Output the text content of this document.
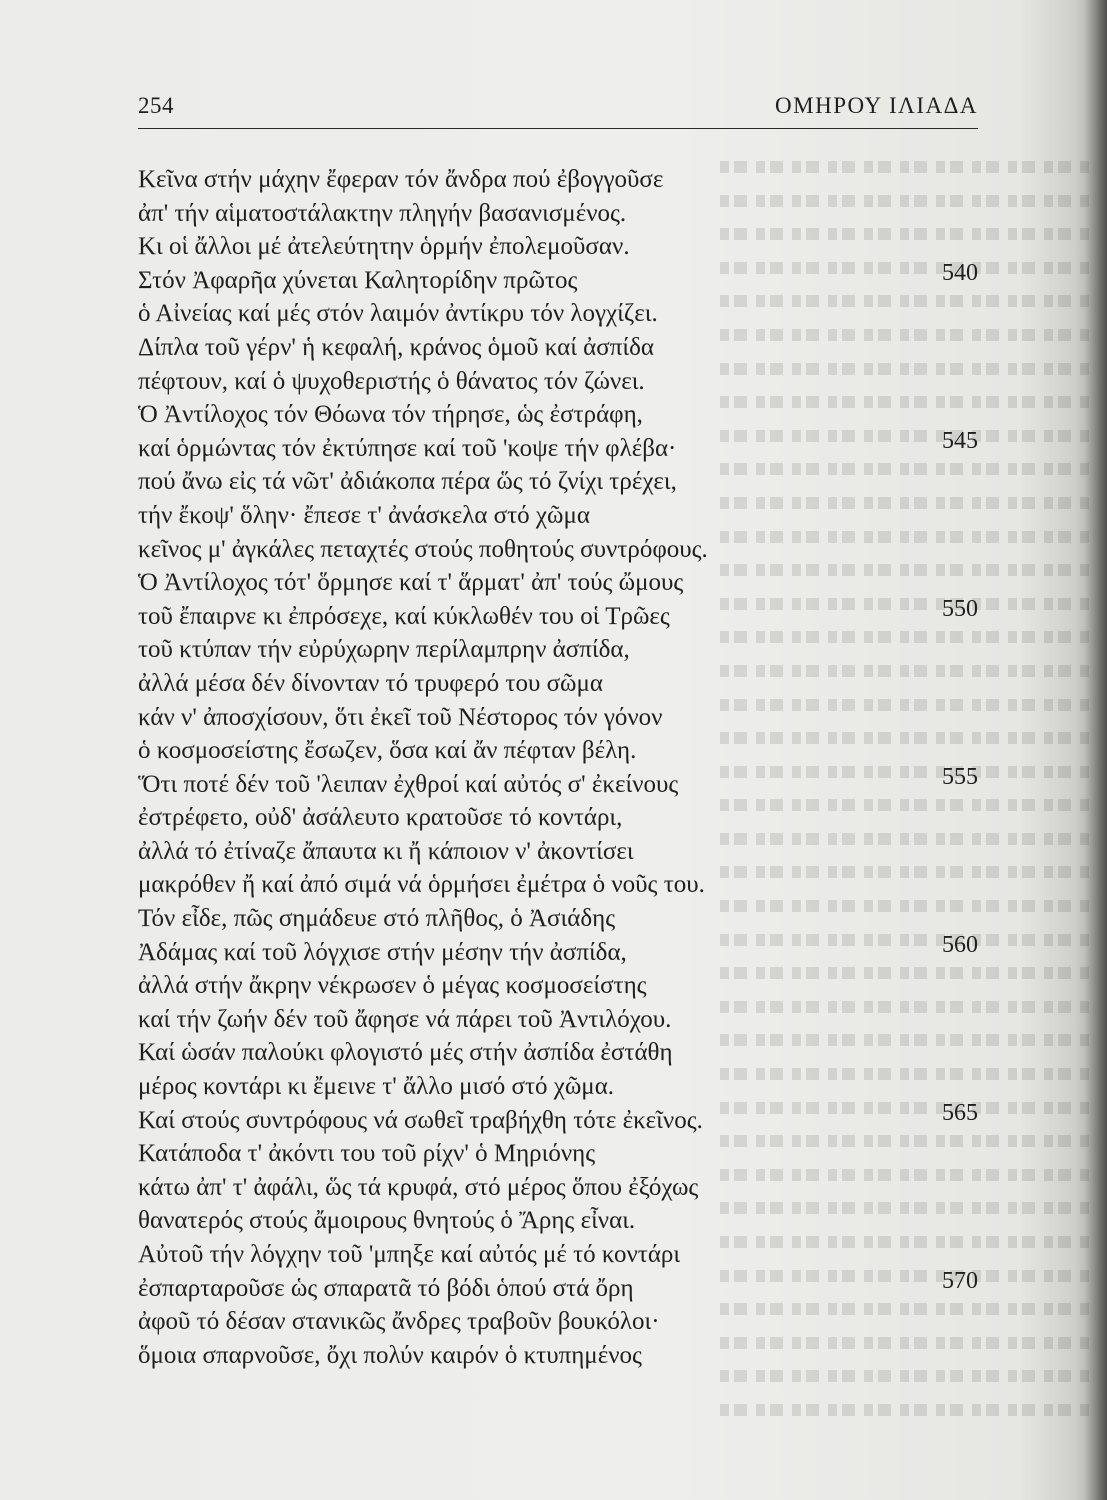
254	ΟΜΗΡΟΥ ΙΛΙΑΔΑ
Κεῖνα στήν μάχην ἔφεραν τόν ἄνδρα πού ἐβογγοῦσε
ἀπ' τήν αἱματοστάλακτην πληγήν βασανισμένος.
Κι οἱ ἄλλοι μέ ἀτελεύτητην ὁρμήν ἐπολεμοῦσαν.
Στόν Ἀφαρῆα χύνεται Καλητορίδην πρῶτος	540
ὁ Αἰνείας καί μές στόν λαιμόν ἀντίκρυ τόν λογχίζει.
Δίπλα τοῦ γέρν' ἡ κεφαλή, κράνος ὁμοῦ καί ἀσπίδα
πέφτουν, καί ὁ ψυχοθεριστής ὁ θάνατος τόν ζώνει.
Ὁ Ἀντίλοχος τόν Θόωνα τόν τήρησε, ὡς ἐστράφη,
καί ὁρμώντας τόν ἐκτύπησε καί τοῦ 'κοψε τήν φλέβα·	545
πού ἄνω εἰς τά νῶτ' ἀδιάκοπα πέρα ὥς τό ζνίχι τρέχει,
τήν ἔκοψ' ὅλην· ἔπεσε τ' ἀνάσκελα στό χῶμα
κεῖνος μ' ἀγκάλες πεταχτές στούς ποθητούς συντρόφους.
Ὁ Ἀντίλοχος τότ' ὅρμησε καί τ' ἅρματ' ἀπ' τούς ὤμους
τοῦ ἔπαιρνε κι ἐπρόσεχε, καί κύκλωθέν του οἱ Τρῶες	550
τοῦ κτύπαν τήν εὐρύχωρην περίλαμπρην ἀσπίδα,
ἀλλά μέσα δέν δίνονταν τό τρυφερό του σῶμα
κάν ν' ἀποσχίσουν, ὅτι ἐκεῖ τοῦ Νέστορος τόν γόνον
ὁ κοσμοσείστης ἔσωζεν, ὅσα καί ἄν πέφταν βέλη.
Ὅτι ποτέ δέν τοῦ 'λειπαν ἐχθροί καί αὐτός σ' ἐκείνους	555
ἐστρέφετο, οὐδ' ἀσάλευτο κρατοῦσε τό κοντάρι,
ἀλλά τό ἐτίναζε ἄπαυτα κι ἤ κάποιον ν' ἀκοντίσει
μακρόθεν ἤ καί ἀπό σιμά νά ὁρμήσει ἐμέτρα ὁ νοῦς του.
Τόν εἶδε, πῶς σημάδευε στό πλῆθος, ὁ Ἀσιάδης
Ἀδάμας καί τοῦ λόγχισε στήν μέσην τήν ἀσπίδα,	560
ἀλλά στήν ἄκρην νέκρωσεν ὁ μέγας κοσμοσείστης
καί τήν ζωήν δέν τοῦ ἄφησε νά πάρει τοῦ Ἀντιλόχου.
Καί ὡσάν παλούκι φλογιστό μές στήν ἀσπίδα ἐστάθη
μέρος κοντάρι κι ἔμεινε τ' ἄλλο μισό στό χῶμα.
Καί στούς συντρόφους νά σωθεῖ τραβήχθη τότε ἐκεῖνος.	565
Κατάποδα τ' ἀκόντι του τοῦ ρίχν' ὁ Μηριόνης
κάτω ἀπ' τ' ἀφάλι, ὥς τά κρυφά, στό μέρος ὅπου ἐξόχως
θανατερός στούς ἄμοιρους θνητούς ὁ Ἄρης εἶναι.
Αὐτοῦ τήν λόγχην τοῦ 'μπηξε καί αὐτός μέ τό κοντάρι
ἐσπαρταροῦσε ὡς σπαρατᾶ τό βόδι ὁπού στά ὄρη	570
ἀφοῦ τό δέσαν στανικῶς ἄνδρες τραβοῦν βουκόλοι·
ὅμοια σπαρνοῦσε, ὄχι πολύν καιρόν ὁ κτυπημένος
